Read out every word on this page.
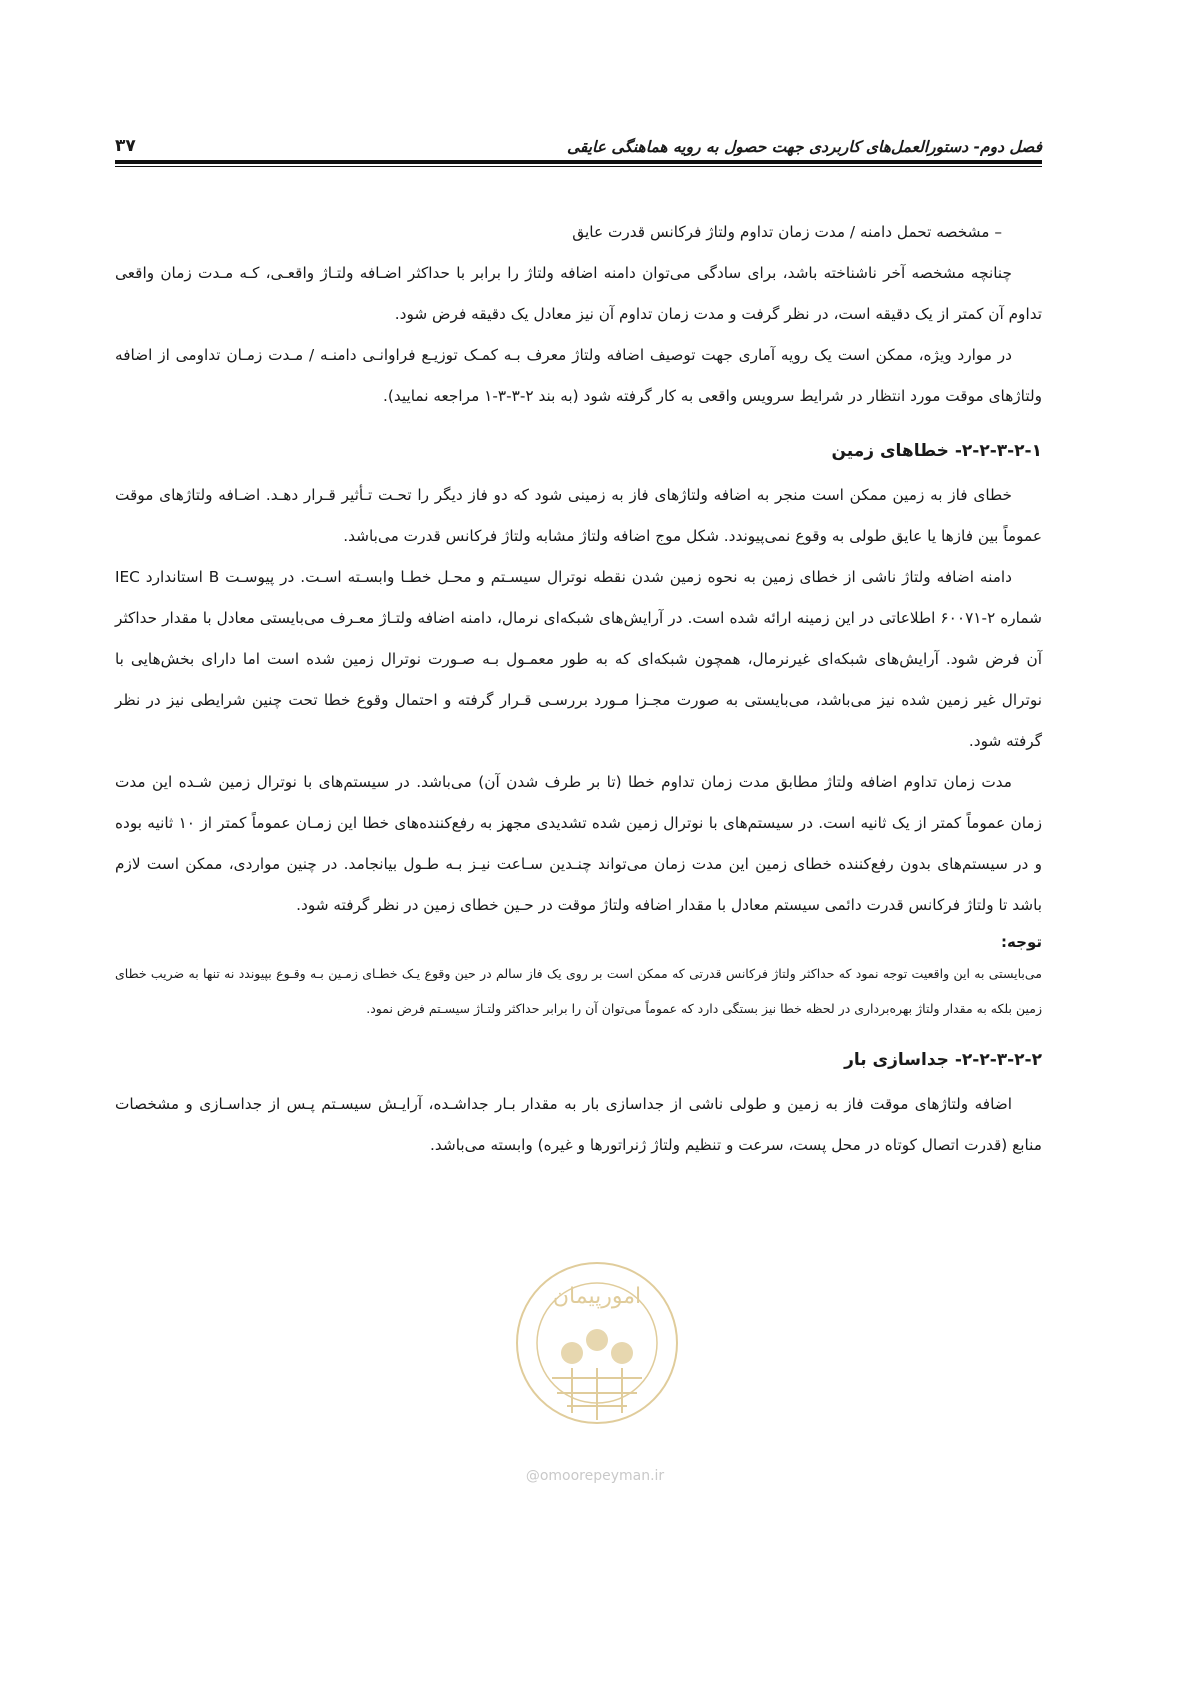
۳۷	فصل دوم- دستورالعمل‌های کاربردی جهت حصول به رویه هماهنگی عایقی
– مشخصه تحمل دامنه / مدت زمان تداوم ولتاژ فرکانس قدرت عایق

چنانچه مشخصه آخر ناشناخته باشد، برای سادگی می‌توان دامنه اضافه ولتاژ را برابر با حداکثر اضـافه ولتـاژ واقعـی، کـه مـدت زمان واقعی تداوم آن کمتر از یک دقیقه است، در نظر گرفت و مدت زمان تداوم آن نیز معادل یک دقیقه فرض شود.

در موارد ویژه، ممکن است یک رویه آماری جهت توصیف اضافه ولتاژ معرف بـه کمـک توزیـع فراوانـی دامنـه / مـدت زمـان تداومی از اضافه ولتاژهای موقت مورد انتظار در شرایط سرویس واقعی به کار گرفته شود (به بند ۲-۳-۳-۱ مراجعه نمایید).

۲-۲-۳-۲-۱- خطاهای زمین

خطای فاز به زمین ممکن است منجر به اضافه ولتاژهای فاز به زمینی شود که دو فاز دیگر را تحـت تـأثیر قـرار دهـد. اضـافه ولتاژهای موقت عموماً بین فازها یا عایق طولی به وقوع نمی‌پیوندد. شکل موج اضافه ولتاژ مشابه ولتاژ فرکانس قدرت می‌باشد.

دامنه اضافه ولتاژ ناشی از خطای زمین به نحوه زمین شدن نقطه نوترال سیسـتم و محـل خطـا وابسـته اسـت. در پیوسـت B استاندارد IEC شماره ۲-۶۰۰۷۱ اطلاعاتی در این زمینه ارائه شده است. در آرایش‌های شبکه‌ای نرمال، دامنه اضافه ولتـاژ معـرف می‌بایستی معادل با مقدار حداکثر آن فرض شود. آرایش‌های شبکه‌ای غیرنرمال، همچون شبکه‌ای که به طور معمـول بـه صـورت نوترال زمین شده است اما دارای بخش‌هایی با نوترال غیر زمین شده نیز می‌باشد، می‌بایستی به صورت مجـزا مـورد بررسـی قـرار گرفته و احتمال وقوع خطا تحت چنین شرایطی نیز در نظر گرفته شود.

مدت زمان تداوم اضافه ولتاژ مطابق مدت زمان تداوم خطا (تا بر طرف شدن آن) می‌باشد. در سیستم‌های با نوترال زمین شـده این مدت زمان عموماً کمتر از یک ثانیه است. در سیستم‌های با نوترال زمین شده تشدیدی مجهز به رفع‌کننده‌های خطا این زمـان عموماً کمتر از ۱۰ ثانیه بوده و در سیستم‌های بدون رفع‌کننده خطای زمین این مدت زمان می‌تواند چنـدین سـاعت نیـز بـه طـول بیانجامد. در چنین مواردی، ممکن است لازم باشد تا ولتاژ فرکانس قدرت دائمی سیستم معادل با مقدار اضافه ولتاژ موقت در حـین خطای زمین در نظر گرفته شود.

توجه:
می‌بایستی به این واقعیت توجه نمود که حداکثر ولتاژ فرکانس قدرتی که ممکن است بر روی یک فاز سالم در حین وقوع یـک خطـای زمـین بـه وقـوع بپیوندد نه تنها به ضریب خطای زمین بلکه به مقدار ولتاژ بهره‌برداری در لحظه خطا نیز بستگی دارد که عموماً می‌توان آن را برابر حداکثر ولتـاژ سیسـتم فرض نمود.
۲-۲-۳-۲-۲- جداسازی بار

اضافه ولتاژهای موقت فاز به زمین و طولی ناشی از جداسازی بار به مقدار بـار جداشـده، آرایـش سیسـتم پـس از جداسـازی و مشخصات منابع (قدرت اتصال کوتاه در محل پست، سرعت و تنظیم ولتاژ ژنراتورها و غیره) وابسته می‌باشد.

امورپیمان
@omoorepeyman.ir
